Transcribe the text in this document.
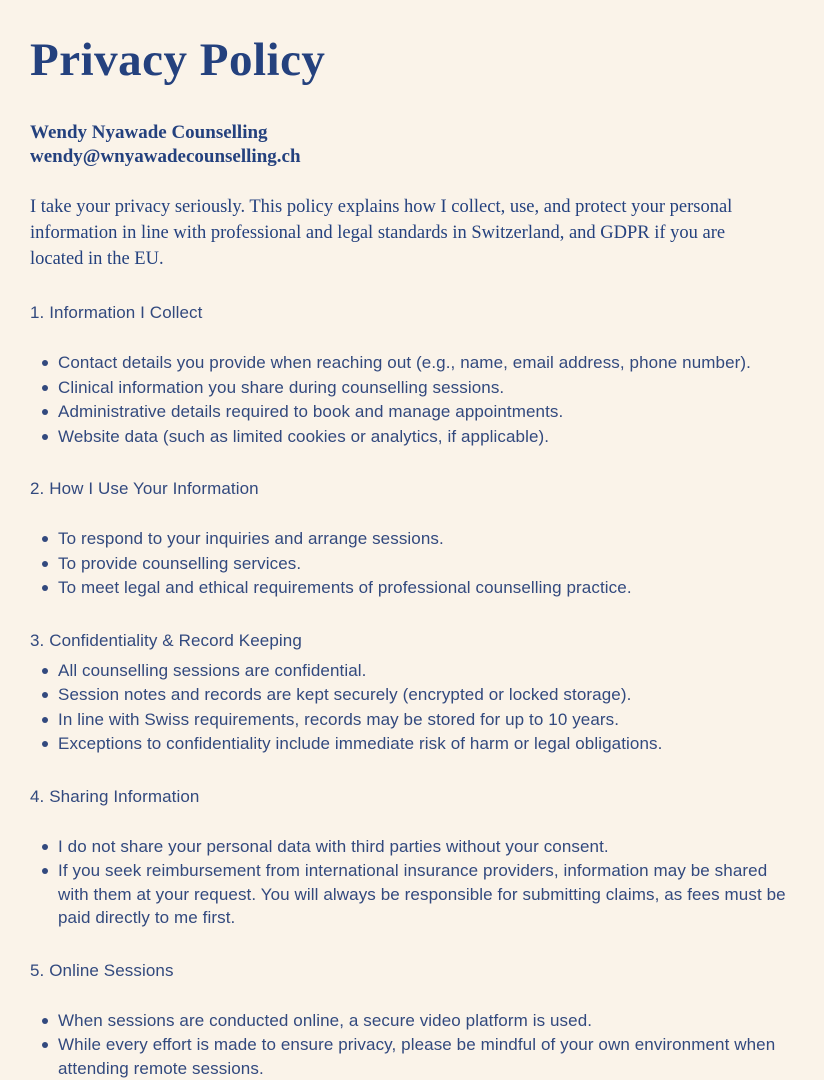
Privacy Policy
Wendy Nyawade Counselling
wendy@wnyawadecounselling.ch

I take your privacy seriously. This policy explains how I collect, use, and protect your personal information in line with professional and legal standards in Switzerland, and GDPR if you are located in the EU.

1. Information I Collect
Contact details you provide when reaching out (e.g., name, email address, phone number).
Clinical information you share during counselling sessions.
Administrative details required to book and manage appointments.
Website data (such as limited cookies or analytics, if applicable).
2. How I Use Your Information
To respond to your inquiries and arrange sessions.
To provide counselling services.
To meet legal and ethical requirements of professional counselling practice.
3. Confidentiality & Record Keeping
All counselling sessions are confidential.
Session notes and records are kept securely (encrypted or locked storage).
In line with Swiss requirements, records may be stored for up to 10 years.
Exceptions to confidentiality include immediate risk of harm or legal obligations.
4. Sharing Information
I do not share your personal data with third parties without your consent.
If you seek reimbursement from international insurance providers, information may be shared with them at your request. You will always be responsible for submitting claims, as fees must be paid directly to me first.
5. Online Sessions
When sessions are conducted online, a secure video platform is used.
While every effort is made to ensure privacy, please be mindful of your own environment when attending remote sessions.
